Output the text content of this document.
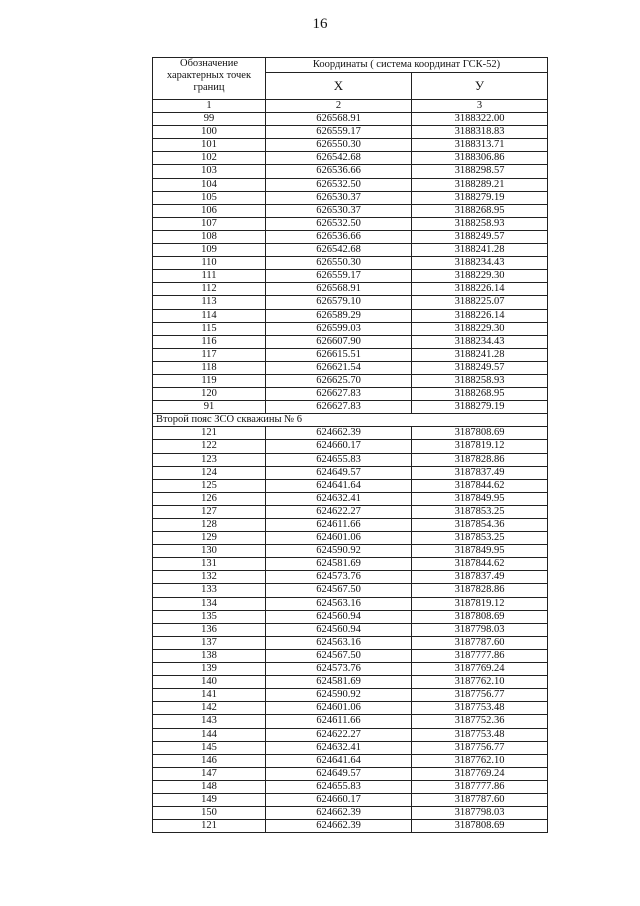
16
Обозначение характерных точек границ	Координаты ( система координат ГСК-52)	
	X	У
1	2	3
99	626568.91	3188322.00
100	626559.17	3188318.83
101	626550.30	3188313.71
102	626542.68	3188306.86
103	626536.66	3188298.57
104	626532.50	3188289.21
105	626530.37	3188279.19
106	626530.37	3188268.95
107	626532.50	3188258.93
108	626536.66	3188249.57
109	626542.68	3188241.28
110	626550.30	3188234.43
111	626559.17	3188229.30
112	626568.91	3188226.14
113	626579.10	3188225.07
114	626589.29	3188226.14
115	626599.03	3188229.30
116	626607.90	3188234.43
117	626615.51	3188241.28
118	626621.54	3188249.57
119	626625.70	3188258.93
120	626627.83	3188268.95
91	626627.83	3188279.19
Второй пояс ЗСО скважины № 6		
121	624662.39	3187808.69
122	624660.17	3187819.12
123	624655.83	3187828.86
124	624649.57	3187837.49
125	624641.64	3187844.62
126	624632.41	3187849.95
127	624622.27	3187853.25
128	624611.66	3187854.36
129	624601.06	3187853.25
130	624590.92	3187849.95
131	624581.69	3187844.62
132	624573.76	3187837.49
133	624567.50	3187828.86
134	624563.16	3187819.12
135	624560.94	3187808.69
136	624560.94	3187798.03
137	624563.16	3187787.60
138	624567.50	3187777.86
139	624573.76	3187769.24
140	624581.69	3187762.10
141	624590.92	3187756.77
142	624601.06	3187753.48
143	624611.66	3187752.36
144	624622.27	3187753.48
145	624632.41	3187756.77
146	624641.64	3187762.10
147	624649.57	3187769.24
148	624655.83	3187777.86
149	624660.17	3187787.60
150	624662.39	3187798.03
121	624662.39	3187808.69
